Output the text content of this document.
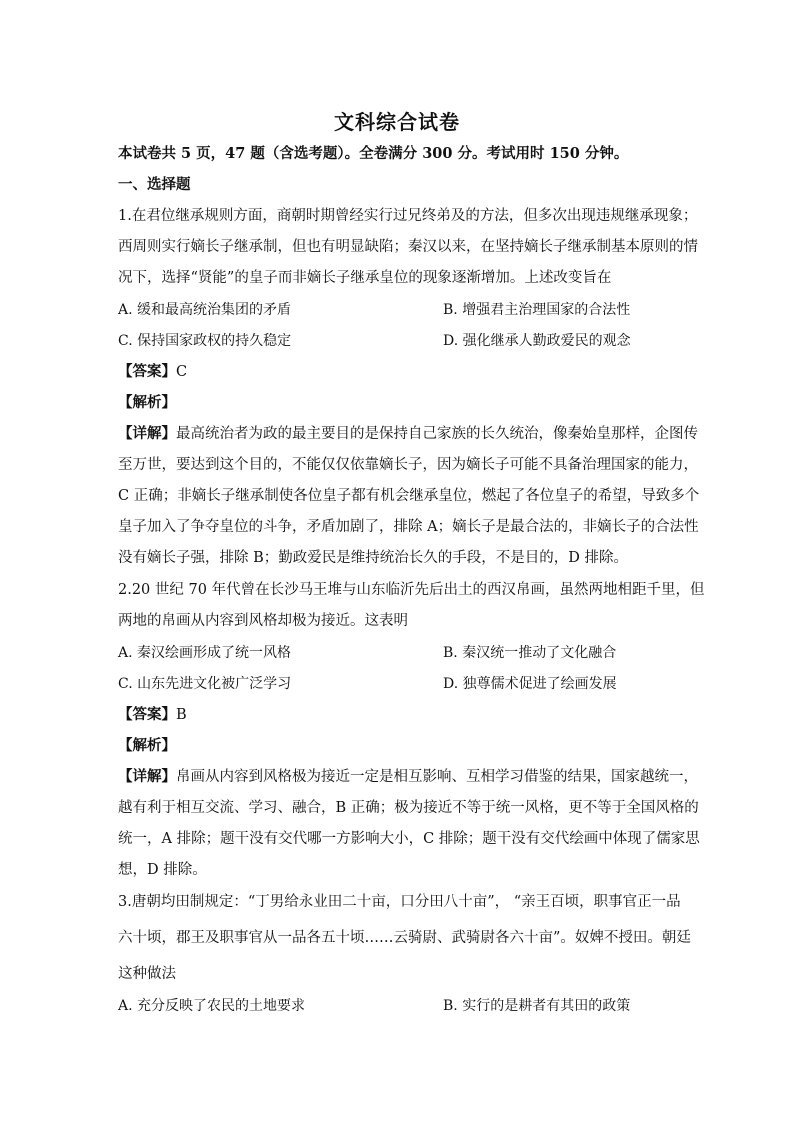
文科综合试卷
本试卷共 5 页，47 题（含选考题）。全卷满分 300 分。考试用时 150 分钟。
一、选择题
1.在君位继承规则方面，商朝时期曾经实行过兄终弟及的方法，但多次出现违规继承现象；
西周则实行嫡长子继承制，但也有明显缺陷；秦汉以来，在坚持嫡长子继承制基本原则的情
况下，选择“贤能”的皇子而非嫡长子继承皇位的现象逐渐增加。上述改变旨在
A. 缓和最高统治集团的矛盾	B. 增强君主治理国家的合法性
C. 保持国家政权的持久稳定	D. 强化继承人勤政爱民的观念
【答案】C
【解析】
【详解】最高统治者为政的最主要目的是保持自己家族的长久统治，像秦始皇那样，企图传
至万世，要达到这个目的，不能仅仅依靠嫡长子，因为嫡长子可能不具备治理国家的能力，
C 正确；非嫡长子继承制使各位皇子都有机会继承皇位，燃起了各位皇子的希望，导致多个
皇子加入了争夺皇位的斗争，矛盾加剧了，排除 A；嫡长子是最合法的，非嫡长子的合法性
没有嫡长子强，排除 B；勤政爱民是维持统治长久的手段，不是目的，D 排除。
2.20 世纪 70 年代曾在长沙马王堆与山东临沂先后出土的西汉帛画，虽然两地相距千里，但
两地的帛画从内容到风格却极为接近。这表明
A. 秦汉绘画形成了统一风格	B. 秦汉统一推动了文化融合
C. 山东先进文化被广泛学习	D. 独尊儒术促进了绘画发展
【答案】B
【解析】
【详解】帛画从内容到风格极为接近一定是相互影响、互相学习借鉴的结果，国家越统一，
越有利于相互交流、学习、融合，B 正确；极为接近不等于统一风格，更不等于全国风格的
统一，A 排除；题干没有交代哪一方影响大小，C 排除；题干没有交代绘画中体现了儒家思
想，D 排除。
3.唐朝均田制规定：“丁男给永业田二十亩，口分田八十亩”， “亲王百顷，职事官正一品
六十顷，郡王及职事官从一品各五十顷……云骑尉、武骑尉各六十亩”。奴婢不授田。朝廷
这种做法
A. 充分反映了农民的土地要求	B. 实行的是耕者有其田的政策
